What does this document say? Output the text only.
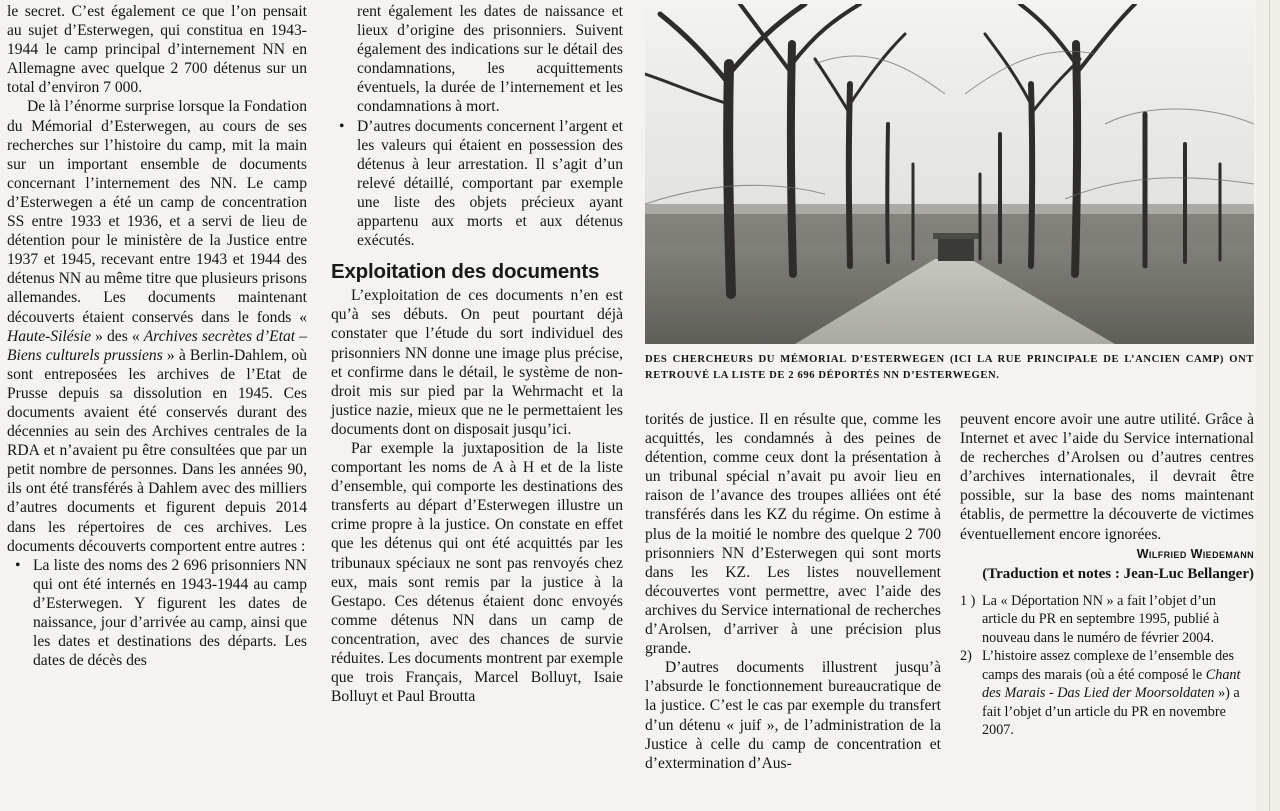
le secret. C’est également ce que l’on pensait au sujet d’Esterwegen, qui constitua en 1943-1944 le camp principal d’internement NN en Allemagne avec quelque 2 700 détenus sur un total d’environ 7 000.

De là l’énorme surprise lorsque la Fondation du Mémorial d’Esterwegen, au cours de ses recherches sur l’histoire du camp, mit la main sur un important ensemble de documents concernant l’internement des NN. Le camp d’Esterwegen a été un camp de concentration SS entre 1933 et 1936, et a servi de lieu de détention pour le ministère de la Justice entre 1937 et 1945, recevant entre 1943 et 1944 des détenus NN au même titre que plusieurs prisons allemandes. Les documents maintenant découverts étaient conservés dans le fonds « Haute-Silésie » des « Archives secrètes d’Etat – Biens culturels prussiens » à Berlin-Dahlem, où sont entreposées les archives de l’Etat de Prusse depuis sa dissolution en 1945. Ces documents avaient été conservés durant des décennies au sein des Archives centrales de la RDA et n’avaient pu être consultées que par un petit nombre de personnes. Dans les années 90, ils ont été transférés à Dahlem avec des milliers d’autres documents et figurent depuis 2014 dans les répertoires de ces archives. Les documents découverts comportent entre autres :

• La liste des noms des 2 696 prisonniers NN qui ont été internés en 1943-1944 au camp d’Esterwegen. Y figurent les dates de naissance, jour d’arrivée au camp, ainsi que les dates et destinations des départs. Les dates de décès des

rent également les dates de naissance et lieux d’origine des prisonniers. Suivent également des indications sur le détail des condamnations, les acquittements éventuels, la durée de l’internement et les condamnations à mort.

• D’autres documents concernent l’argent et les valeurs qui étaient en possession des détenus à leur arrestation. Il s’agit d’un relevé détaillé, comportant par exemple une liste des objets précieux ayant appartenu aux morts et aux détenus exécutés.
Exploitation des documents

L’exploitation de ces documents n’en est qu’à ses débuts. On peut pourtant déjà constater que l’étude du sort individuel des prisonniers NN donne une image plus précise, et confirme dans le détail, le système de non-droit mis sur pied par la Wehrmacht et la justice nazie, mieux que ne le permettaient les documents dont on disposait jusqu’ici.

Par exemple la juxtaposition de la liste comportant les noms de A à H et de la liste d’ensemble, qui comporte les destinations des transferts au départ d’Esterwegen illustre un crime propre à la justice. On constate en effet que les détenus qui ont été acquittés par les tribunaux spéciaux ne sont pas renvoyés chez eux, mais sont remis par la justice à la Gestapo. Ces détenus étaient donc envoyés comme détenus NN dans un camp de concentration, avec des chances de survie réduites. Les documents montrent par exemple que trois Français, Marcel Bolluyt, Isaie Bolluyt et Paul Broutta

DES CHERCHEURS DU MÉMORIAL D’ESTERWEGEN (ICI LA RUE PRINCIPALE DE L’ANCIEN CAMP) ONT RETROUVÉ LA LISTE DE 2 696 DÉPORTÉS NN D’ESTERWEGEN.

torités de justice. Il en résulte que, comme les acquittés, les condamnés à des peines de détention, comme ceux dont la présentation à un tribunal spécial n’avait pu avoir lieu en raison de l’avance des troupes alliées ont été transférés dans les KZ du régime. On estime à plus de la moitié le nombre des quelque 2 700 prisonniers NN d’Esterwegen qui sont morts dans les KZ. Les listes nouvellement découvertes vont permettre, avec l’aide des archives du Service international de recherches d’Arolsen, d’arriver à une précision plus grande.

D’autres documents illustrent jusqu’à l’absurde le fonctionnement bureaucratique de la justice. C’est le cas par exemple du transfert d’un détenu « juif », de l’administration de la Justice à celle du camp de concentration et d’extermination d’Aus-

peuvent encore avoir une autre utilité. Grâce à Internet et avec l’aide du Service international de recherches d’Arolsen ou d’autres centres d’archives internationales, il devrait être possible, sur la base des noms maintenant établis, de permettre la découverte de victimes éventuellement encore ignorées.

Wilfried Wiedemann
(Traduction et notes : Jean-Luc Bellanger)
1 ) La « Déportation NN » a fait l’objet d’un article du PR en septembre 1995, publié à nouveau dans le numéro de février 2004.
2) L’histoire assez complexe de l’ensemble des camps des marais (où a été composé le Chant des Marais - Das Lied der Moorsoldaten ») a fait l’objet d’un article du PR en novembre 2007.
